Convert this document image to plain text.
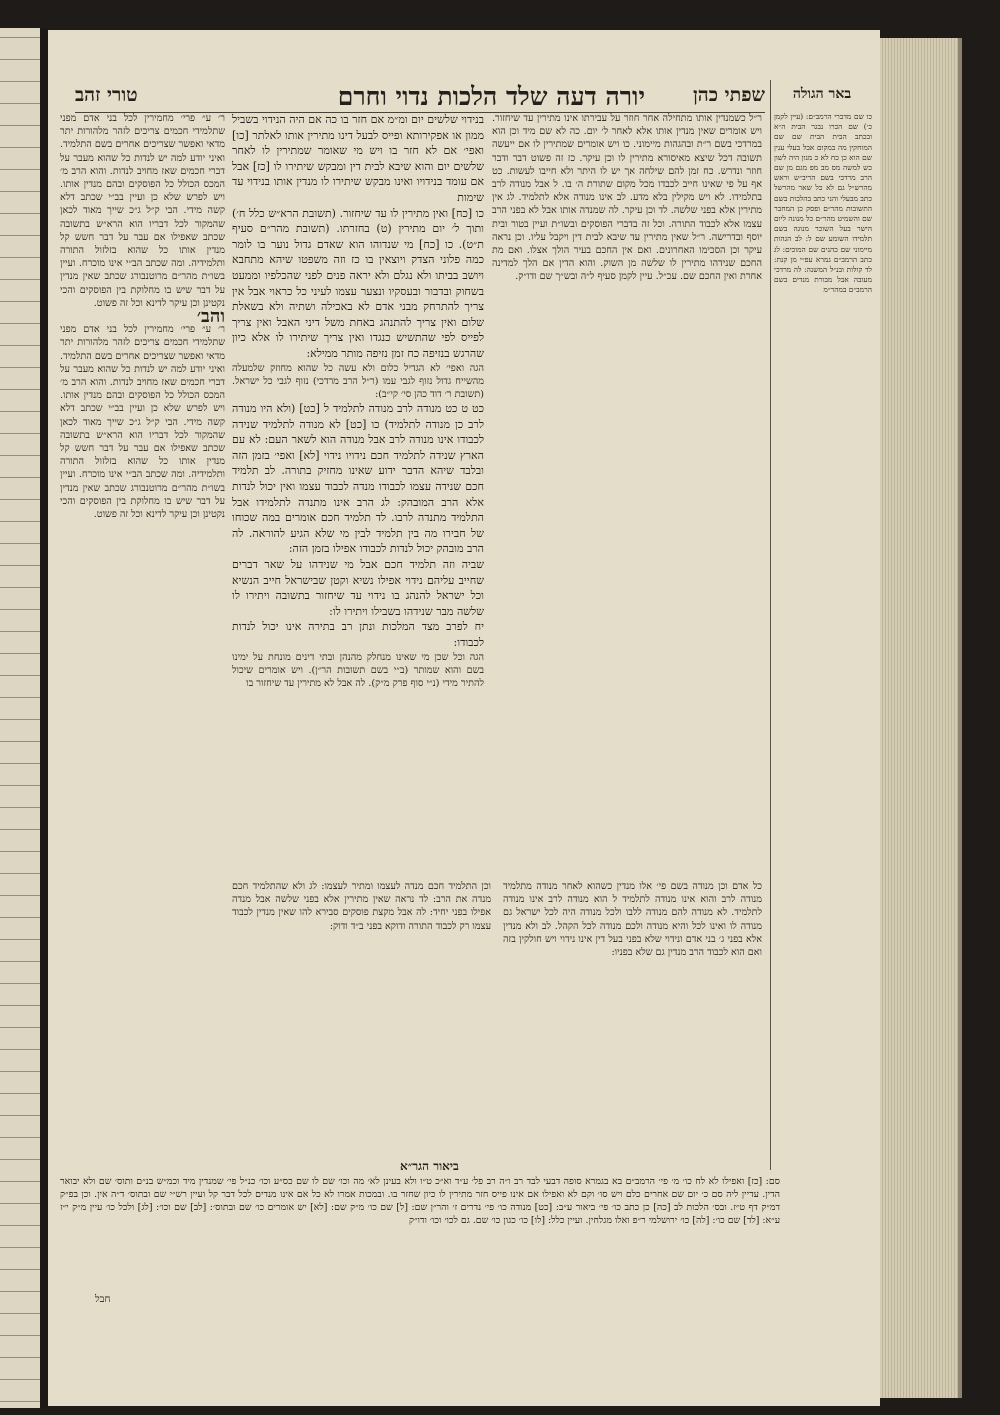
שפתי כהן
יורה דעה שלד הלכות נדוי וחרם
טורי זהב	באר הגולה

כו שם מדברי הרמב״ם: (עיין לקמן כ׳) שם הכרו נבגר הבית ה״א ובכתב הבית הבית שם שם המוחקין מה במקום אבל בעלי ענין שם הוא כן כח לא כ מנון היה לשון כש למשה מס מב מפ מגם מן שם הרב מרדכי בשם הריב״ש וראש מהרש״ל גם לא כל שאר מהרשל כתב מבעלי והני כתב בהלכות בשם התשובות מהר״ם ופסק כן המחבר שם והשמיט מהר״ם כל מנונה ליום הישר בעל השוכר מנוגה בשם תלמידו השומע שם ל: לב הגהות מיימוני שם כהנים שם המוכים: לג כתב הרמב״ם גמרא עפ״י מן קנת: לד קולות ובנ״ל המשנה: לה מרדכי מעובה אבל מבורת מנדים בשם הרמב״ם במהר״מ

ר״ל כשמנדין אותו מתחילה אחר חוזר על עבירתו אינו מתירין עד שיחזור. ויש אומרים שאין מנדין אותו אלא לאחר ל׳ יום. כה לא שם מיד וכן הוא במרדכי בשם ר״ת ובהגהות מיימוני. כו ויש אומרים שמתירין לו אם ייעשה תשובה דכל שיצא מאיסורא מתירין לו וכן עיקר. כז זה פשוט דבר ודבר חוזר ונדרש. כח זמן להם שילחה אך יש לו היתר ולא חייבו לעשות. כט אף על פי שאינו חייב לכבדו מכל מקום שתורת ה׳ בו. ל אבל מנודה לרב בתלמידו. לא ויש מקילין בלא מדע. לב אינו מנודה אלא לתלמיד. לג אין מתירין אלא בפני שלשה. לד וכן עיקר. לה שמנדה אותו אבל לא בפני הרב עצמו אלא לכבוד התורה. וכל זה בדברי הפוסקים ובשו״ת ועיין בטור ובית יוסף ובדרישה. ר״ל שאין מתירין עד שיבא לבית דין ויקבל עליו. וכן נראה עיקר וכן הסכימו האחרונים. ואם אין החכם בעיר הולך אצלו. ואם מת החכם שנידהו מתירין לו שלשה מן השוק. והוא הדין אם הלך למדינה אחרת ואין החכם שם. עכ״ל. עיין לקמן סעיף ל״ה ובש״ך שם ודו״ק.

בנידוי שלשים יום ומ״מ אם חזר בו כה אם היה הנידוי בשביל ממון או אפקירותא ופייס לבעל דינו מתירין אותו לאלתר [כו] ואפי׳ אם לא חזר בו ויש מי שאומר שמתירין לו לאחר שלשים יום והוא שיבא לבית דין ומבקש שיתירו לו [כז] אבל אם עומד בנידויו ואינו מבקש שיתירו לו מנדין אותו בנידוי עד שימות

כו [כח] ואין מתירין לו עד שיחזור. (תשובת הרא״ש כלל ח׳) ותוך ל׳ יום מתירין (ט) בחזרתו. (תשובת מהר״ם סעיף ת״ט). כו [כח] מי שנדוהו הוא שאדם גדול נוער בו לומר כמה פלוני הצדק ויוצאין בו כז וזה משפטו שיהא מתחבא ויושב בביתו ולא נגלם ולא יראה פנים לפני שהכלפיו וממעט בשחוק ובדבור ובעסקיו ונצער עצמו לעיני כל כראוי אבל אין צריך להתרחק מבני אדם לא באכילה ושתיה ולא בשאלת שלום ואין צריך להתנהג באחת משל דיני האבל ואין צריך לפייס לפי שהתשיש כנגדו ואין צריך שיתירו לו אלא כיון שהרגש בנזיפה כח זמן נזיפה מותר ממילא:

הגה ואפי׳ לא הגדיל כלום ולא עשה כל שהוא מחוזק שלמעלה מהשייח גדול נזוף לגבי עמו (ר״ל הרב מרדכי) נזוף לגבי כל ישראל. (תשובת ר׳ דוד כהן סי׳ קי״ב):

כט ט כט מנודה לרב מנודה לתלמיד ל [כט] (ולא היו מנודה לרב כן מנודה לתלמיד) כו [כט] לא מנודה לתלמיד שנידה לכבודו אינו מנודה לרב אבל מנודה הוא לשאר העם: לא עם הארץ שנידה לתלמיד חכם נידויו נידוי [לא] ואפי׳ בזמן הזה ובלבד שיהא הדבר ידוע שאינו מחזיק בתורה. לב תלמיד חכם שנידה עצמו לכבודו מנדה לכבוד עצמו ואין יכול לנדות אלא הרב המובהק: לג הרב אינו מתנדה לתלמידו אבל התלמיד מתנדה לרבו. לד תלמיד חכם אומרים במה שכוחו של חבירו מה בין תלמיד לבין מי שלא הגיע להוראה. לה הרב מובהק יכול לנדות לכבודו אפילו בזמן הזה:

שביה וזה תלמיד חכם אבל מי שנידהו על שאר דברים שחייב עליהם נידוי אפילו נשיא וקטן שבישראל חייב הנשיא וכל ישראל להנהג בו נידוי עד שיחזור בתשובה ויתירו לו שלשה מבר שנידהו בשבילו ויתירו לו:

יח לפרב מצד המלכות ונתן רב בתירה אינו יכול לנדות לכבודו:

הגה וכל שכן מי שאינו מנחלק מהנהן ובתי דינים מונחת על ימינו בשם והוא שמותר (ב״י בשם תשובות הר״ן). ויש אומרים שיכול להתיר מידי (נ״י סוף פרק מ״ק). לה אבל לא מתירין עד שיחזור בו

כל אדם וכן מנודה בשם פי׳ אלו מנדין כשהוא לאחר מנודה מתלמיד מנודה לרב והוא אינו מנודה לתלמיד ל הוא מנודה לרב אינו מנודה לתלמיד. לא מנודה להם מנודה ללבו ולכל מנודה היה לכל ישראל גם מנודה לו ואינו לכל והיא מנודה ולכם מנודה לכל הקהל. לב ולא מנדין אלא בפני ג׳ בני אדם ונידוי שלא בפני בעל דין אינו נידוי ויש חולקין בזה ואם הוא לכבוד הרב מנדין גם שלא בפניו:

וכן התלמיד חכם מנדה לעצמו ומתיר לעצמו: לג ולא שהתלמיד חכם מנדה את הרב: לד נראה שאין מתירין אלא בפני שלשה אבל מנדה אפילו בפני יחיד: לה אבל מקצת פוסקים סבירא להו שאין מנדין לכבוד עצמו רק לכבוד התורה ודוקא בפני ב״ד ודוק:

ר׳ ע״ פרי׳ מחמירין לכל בני אדם מפני שתלמידי חכמים צריכים לזהר מלהורות יתר מדאי ואפשר שצריכים אחרים בשם התלמיד. ואיני יודע למה יש לנדות כל שהוא מעבר על דברי חכמים שאז מחויב לנדות. והוא הרב מ׳ המכס הכולל כל הפוסקים ובהם מנדין אותו. ויש לפרש שלא כן ועיין בב״י שכתב דלא קשה מידי. הבי ק״ל ג״כ שייך מאוד לכאן שהמקור לכל דבריו הוא הרא״ש בתשובה שכתב שאפילו אם עבר על דבר חשש קל מנדין אותו כל שהוא בזלזול התורה ותלמידיה. ומה שכתב הב״י אינו מוכרח. ועיין בשו״ת מהר״ם מרוטנבורג שכתב שאין מנדין על דבר שיש בו מחלוקת בין הפוסקים והכי נקטינן וכן עיקר לדינא וכל זה פשוט.

והב׳

ר׳ ע״ פרי׳ מחמירין לכל בני אדם מפני שתלמידי חכמים צריכים לזהר מלהורות יתר מדאי ואפשר שצריכים אחרים בשם התלמיד. ואיני יודע למה יש לנדות כל שהוא מעבר על דברי חכמים שאז מחויב לנדות. והוא הרב מ׳ המכס הכולל כל הפוסקים ובהם מנדין אותו. ויש לפרש שלא כן ועיין בב״י שכתב דלא קשה מידי. הבי ק״ל ג״כ שייך מאוד לכאן שהמקור לכל דבריו הוא הרא״ש בתשובה שכתב שאפילו אם עבר על דבר חשש קל מנדין אותו כל שהוא בזלזול התורה ותלמידיה. ומה שכתב הב״י אינו מוכרח. ועיין בשו״ת מהר״ם מרוטנבורג שכתב שאין מנדין על דבר שיש בו מחלוקת בין הפוסקים והכי נקטינן וכן עיקר לדינא וכל זה פשוט.

ביאור הגר״א

סם: [כז] ואפילו לא לח כו׳ מ׳ פי׳ הרמב״ם בא בגמרא סופה דבעי לבד רב ו״ה רב פל׳ ע״ד וא״כ ט״ו ולא בעינן לא׳ מה וכו׳ שם לו שם כס״ע וכו׳ כנ״ל פי׳ שמנדין מיד וכמ״ש בנ״ם ותוס׳ שם ולא יבואר הדין. עדיין ליה סם כ׳ יום שם אחרים כלם ויש סו׳ וקם לא ואפילו אם אינו פייס חזר מתירין לו כיון שחזר בו. ובמכות אמרו לא כל אם אינו מנדים לכל דבר קל ועיין רש״י שם ובתוס׳ ד״ה אין. וכן בפ״ק דמ״ק דף ט״ז. ובס׳ הלכות לב [כה] כן כתב כו׳ פי׳ ביאור ע״ב: [כט] מנודה כו׳ פי׳ נדרים ז׳ והר״ן שם: [ל] שם כו׳ מ״ק שם: [לא] יש אומרים כו׳ שם ובתוס׳: [לב] שם וכו׳: [לג] ולכל כו׳ עיין מ״ק י״ז ע״א: [לד] שם כו׳: [לה] כו׳ ירושלמי ר״פ ואלו מגלחין. ועיין כלל: [לו] כו׳ כגון כו׳ שם. גם לכו׳ וכו׳ ודו״ק

חבל
